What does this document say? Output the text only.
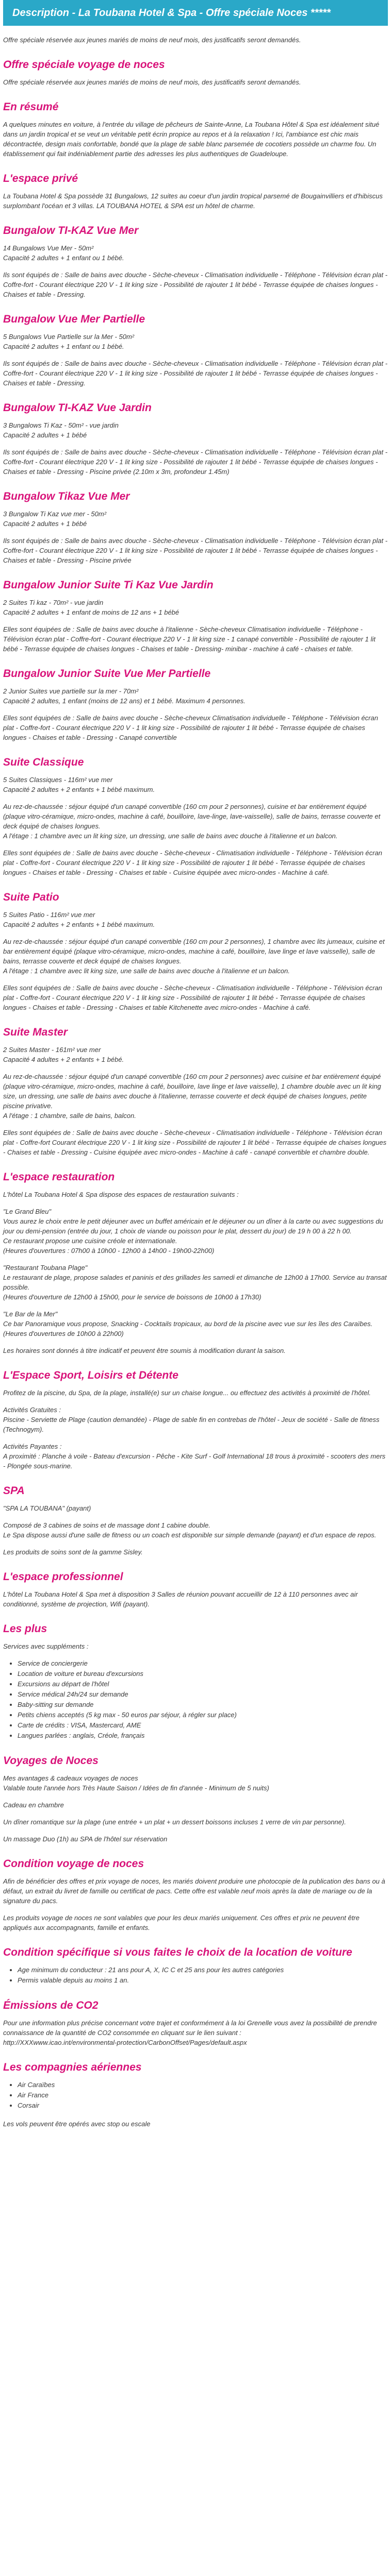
Description - La Toubana Hotel & Spa - Offre spéciale Noces *****

Offre spéciale réservée aux jeunes mariés de moins de neuf mois, des justificatifs seront demandés.

Offre spéciale voyage de noces

Offre spéciale réservée aux jeunes mariés de moins de neuf mois, des justificatifs seront demandés.

En résumé

A quelques minutes en voiture, à l'entrée du village de pêcheurs de Sainte-Anne, La Toubana Hôtel & Spa est idéalement situé dans un jardin tropical et se veut un véritable petit écrin propice au repos et à la relaxation ! Ici, l'ambiance est chic mais décontractée, design mais confortable, bondé que la plage de sable blanc parsemée de cocotiers possède un charme fou. Un établissement qui fait indéniablement partie des adresses les plus authentiques de Guadeloupe.

L'espace privé

La Toubana Hotel & Spa possède 31 Bungalows, 12 suites au coeur d'un jardin tropical parsemé de Bougainvilliers et d'hibiscus surplombant l'océan et 3 villas. LA TOUBANA HOTEL & SPA est un hôtel de charme.

Bungalow TI-KAZ Vue Mer

14 Bungalows Vue Mer - 50m²
Capacité 2 adultes + 1 enfant ou 1 bébé.

Ils sont équipés de : Salle de bains avec douche - Sèche-cheveux - Climatisation individuelle - Téléphone - Télévision écran plat - Coffre-fort - Courant électrique 220 V - 1 lit king size - Possibilité de rajouter 1 lit bébé - Terrasse équipée de chaises longues - Chaises et table - Dressing.

Bungalow Vue Mer Partielle

5 Bungalows Vue Partielle sur la Mer - 50m²
Capacité 2 adultes + 1 enfant ou 1 bébé.

Ils sont équipés de : Salle de bains avec douche - Sèche-cheveux - Climatisation individuelle - Téléphone - Télévision écran plat - Coffre-fort - Courant électrique 220 V - 1 lit king size - Possibilité de rajouter 1 lit bébé - Terrasse équipée de chaises longues - Chaises et table - Dressing.

Bungalow TI-KAZ Vue Jardin

3 Bungalows Ti Kaz - 50m² - vue jardin
Capacité 2 adultes + 1 bébé

Ils sont équipés de : Salle de bains avec douche - Sèche-cheveux - Climatisation individuelle - Téléphone - Télévision écran plat - Coffre-fort - Courant électrique 220 V - 1 lit king size - Possibilité de rajouter 1 lit bébé - Terrasse équipée de chaises longues - Chaises et table - Dressing - Piscine privée (2.10m x 3m, profondeur 1.45m)

Bungalow Tikaz Vue Mer

3 Bungalow Ti Kaz vue mer - 50m²
Capacité 2 adultes + 1 bébé

Ils sont équipés de : Salle de bains avec douche - Sèche-cheveux - Climatisation individuelle - Téléphone - Télévision écran plat - Coffre-fort - Courant électrique 220 V - 1 lit king size - Possibilité de rajouter 1 lit bébé - Terrasse équipée de chaises longues - Chaises et table - Dressing - Piscine privée

Bungalow Junior Suite Ti Kaz Vue Jardin

2 Suites Ti kaz - 70m² - vue jardin
Capacité 2 adultes + 1 enfant de moins de 12 ans + 1 bébé

Elles sont équipées de : Salle de bains avec douche à l'italienne - Sèche-cheveux Climatisation individuelle - Téléphone - Télévision écran plat - Coffre-fort - Courant électrique 220 V - 1 lit king size - 1 canapé convertible - Possibilité de rajouter 1 lit bébé - Terrasse équipée de chaises longues - Chaises et table - Dressing- minibar - machine à café - chaises et table.

Bungalow Junior Suite Vue Mer Partielle

2 Junior Suites vue partielle sur la mer - 70m²
Capacité 2 adultes, 1 enfant (moins de 12 ans) et 1 bébé. Maximum 4 personnes.

Elles sont équipées de : Salle de bains avec douche - Sèche-cheveux Climatisation individuelle - Téléphone - Télévision écran plat - Coffre-fort - Courant électrique 220 V - 1 lit king size - Possibilité de rajouter 1 lit bébé - Terrasse équipée de chaises longues - Chaises et table - Dressing - Canapé convertible

Suite Classique

5 Suites Classiques - 116m² vue mer
Capacité 2 adultes + 2 enfants + 1 bébé maximum.

Au rez-de-chaussée : séjour équipé d'un canapé convertible (160 cm pour 2 personnes), cuisine et bar entièrement équipé (plaque vitro-céramique, micro-ondes, machine à café, bouilloire, lave-linge, lave-vaisselle), salle de bains, terrasse couverte et deck équipé de chaises longues.
A l'étage : 1 chambre avec un lit king size, un dressing, une salle de bains avec douche à l'italienne et un balcon.

Elles sont équipées de : Salle de bains avec douche - Sèche-cheveux - Climatisation individuelle - Téléphone - Télévision écran plat - Coffre-fort - Courant électrique 220 V - 1 lit king size - Possibilité de rajouter 1 lit bébé - Terrasse équipée de chaises longues - Chaises et table - Dressing - Chaises et table - Cuisine équipée avec micro-ondes - Machine à café.

Suite Patio

5 Suites Patio - 116m² vue mer
Capacité 2 adultes + 2 enfants + 1 bébé maximum.

Au rez-de-chaussée : séjour équipé d'un canapé convertible (160 cm pour 2 personnes), 1 chambre avec lits jumeaux, cuisine et bar entièrement équipé (plaque vitro-céramique, micro-ondes, machine à café, bouilloire, lave linge et lave vaisselle), salle de bains, terrasse couverte et deck équipé de chaises longues.
A l'étage : 1 chambre avec lit king size, une salle de bains avec douche à l'italienne et un balcon.

Elles sont équipées de : Salle de bains avec douche - Sèche-cheveux - Climatisation individuelle - Téléphone - Télévision écran plat - Coffre-fort - Courant électrique 220 V - 1 lit king size - Possibilité de rajouter 1 lit bébé - Terrasse équipée de chaises longues - Chaises et table - Dressing - Chaises et table Kitchenette avec micro-ondes - Machine à café.

Suite Master

2 Suites Master - 161m² vue mer
Capacité 4 adultes + 2 enfants + 1 bébé.

Au rez-de-chaussée : séjour équipé d'un canapé convertible (160 cm pour 2 personnes) avec cuisine et bar entièrement équipé (plaque vitro-céramique, micro-ondes, machine à café, bouilloire, lave linge et lave vaisselle), 1 chambre double avec un lit king size, un dressing, une salle de bains avec douche à l'italienne, terrasse couverte et deck équipé de chaises longues, petite piscine privative.
A l'étage : 1 chambre, salle de bains, balcon.

Elles sont équipées de : Salle de bains avec douche - Sèche-cheveux - Climatisation individuelle - Téléphone - Télévision écran plat - Coffre-fort Courant électrique 220 V - 1 lit king size - Possibilité de rajouter 1 lit bébé - Terrasse équipée de chaises longues - Chaises et table - Dressing - Cuisine équipée avec micro-ondes - Machine à café - canapé convertible et chambre double.

L'espace restauration

L'hôtel La Toubana Hotel & Spa dispose des espaces de restauration suivants :

"Le Grand Bleu"
Vous aurez le choix entre le petit déjeuner avec un buffet américain et le déjeuner ou un dîner à la carte ou avec suggestions du jour ou demi-pension (entrée du jour, 1 choix de viande ou poisson pour le plat, dessert du jour) de 19 h 00 à 22 h 00.
Ce restaurant propose une cuisine créole et internationale.
(Heures d'ouvertures : 07h00 à 10h00 - 12h00 à 14h00 - 19h00-22h00)

"Restaurant Toubana Plage"
Le restaurant de plage, propose salades et paninis et des grillades les samedi et dimanche de 12h00 à 17h00. Service au transat possible.
(Heures d'ouverture de 12h00 à 15h00, pour le service de boissons de 10h00 à 17h30)

"Le Bar de la Mer"
Ce bar Panoramique vous propose, Snacking - Cocktails tropicaux, au bord de la piscine avec vue sur les îles des Caraïbes.
(Heures d'ouvertures de 10h00 à 22h00)

Les horaires sont donnés à titre indicatif et peuvent être soumis à modification durant la saison.

L'Espace Sport, Loisirs et Détente

Profitez de la piscine, du Spa, de la plage, installé(e) sur un chaise longue... ou effectuez des activités à proximité de l'hôtel.

Activités Gratuites :
Piscine - Serviette de Plage (caution demandée) - Plage de sable fin en contrebas de l'hôtel - Jeux de société - Salle de fitness (Technogym).

Activités Payantes :
A proximité : Planche à voile - Bateau d'excursion - Pêche - Kite Surf - Golf International 18 trous à proximité - scooters des mers - Plongée sous-marine.

SPA

"SPA LA TOUBANA" (payant)

Composé de 3 cabines de soins et de massage dont 1 cabine double.
Le Spa dispose aussi d'une salle de fitness ou un coach est disponible sur simple demande (payant) et d'un espace de repos.

Les produits de soins sont de la gamme Sisley.

L'espace professionnel

L'hôtel La Toubana Hotel & Spa met à disposition 3 Salles de réunion pouvant accueillir de 12 à 110 personnes avec air conditionné, système de projection, Wifi (payant).

Les plus

Services avec suppléments :

• Service de conciergerie
• Location de voiture et bureau d'excursions
• Excursions au départ de l'hôtel
• Service médical 24h/24 sur demande
• Baby-sitting sur demande
• Petits chiens acceptés (5 kg max - 50 euros par séjour, à régler sur place)
• Carte de crédits : VISA, Mastercard, AME
• Langues parlées : anglais, Créole, français
Voyages de Noces

Mes avantages & cadeaux voyages de noces
Valable toute l'année hors Très Haute Saison / Idées de fin d'année - Minimum de 5 nuits)

Cadeau en chambre

Un dîner romantique sur la plage (une entrée + un plat + un dessert boissons incluses 1 verre de vin par personne).

Un massage Duo (1h) au SPA de l'hôtel sur réservation

Condition voyage de noces

Afin de bénéficier des offres et prix voyage de noces, les mariés doivent produire une photocopie de la publication des bans ou à défaut, un extrait du livret de famille ou certificat de pacs. Cette offre est valable neuf mois après la date de mariage ou de la signature du pacs.

Les produits voyage de noces ne sont valables que pour les deux mariés uniquement. Ces offres et prix ne peuvent être appliqués aux accompagnants, famille et enfants.

Condition spécifique si vous faites le choix de la location de voiture
• Age minimum du conducteur : 21 ans pour A, X, IC C et 25 ans pour les autres catégories
• Permis valable depuis au moins 1 an.
Émissions de CO2

Pour une information plus précise concernant votre trajet et conformément à la loi Grenelle vous avez la possibilité de prendre connaissance de la quantité de CO2 consommée en cliquant sur le lien suivant :
http://XXXwww.icao.int/environmental-protection/CarbonOffset/Pages/default.aspx

Les compagnies aériennes
• Air Caraïbes
• Air France
• Corsair

Les vols peuvent être opérés avec stop ou escale
